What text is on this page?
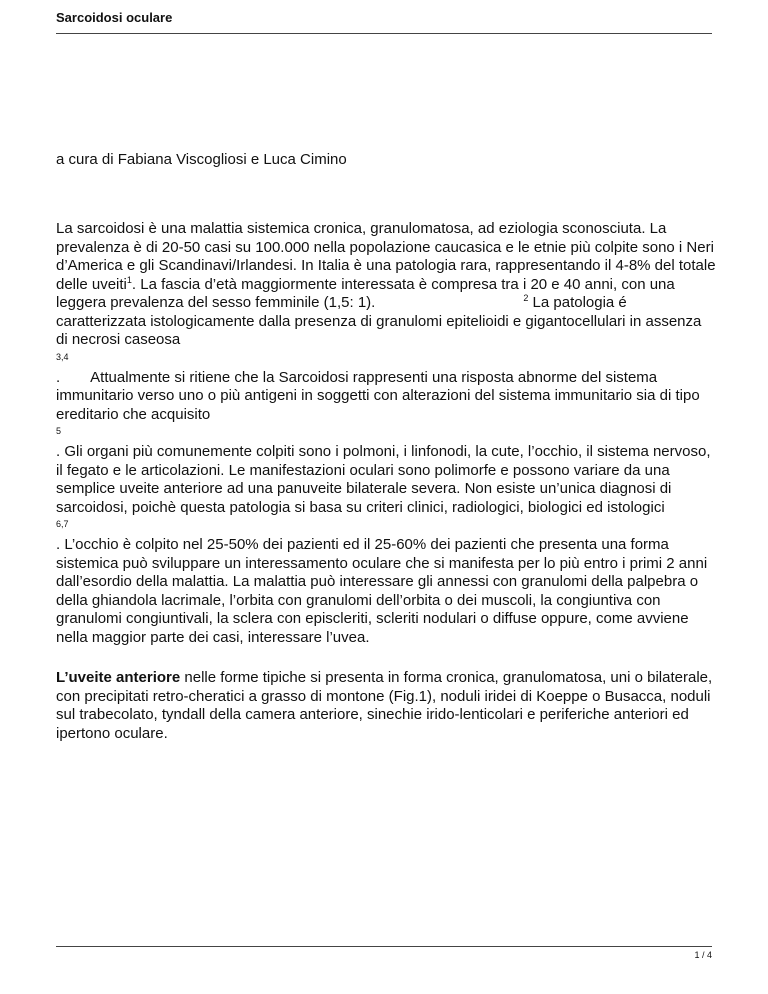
Sarcoidosi oculare
a cura di Fabiana Viscogliosi e Luca Cimino

La sarcoidosi è una malattia sistemica cronica, granulomatosa, ad eziologia sconosciuta. La prevalenza è di 20-50 casi su 100.000 nella popolazione caucasica e le etnie più colpite sono i Neri d’America e gli Scandinavi/Irlandesi. In Italia è una patologia rara, rappresentando il 4-8% del totale delle uveiti$^1$. La fascia d’età maggiormente interessata è compresa tra i 20 e 40 anni, con una leggera prevalenza del sesso femminile (1,5: 1).	$^2$ La patologia é caratterizzata istologicamente dalla presenza di granulomi epitelioidi e gigantocellulari in assenza di necrosi caseosa

3,4

. Attualmente si ritiene che la Sarcoidosi rappresenti una risposta abnorme del sistema immunitario verso uno o più antigeni in soggetti con alterazioni del sistema immunitario sia di tipo ereditario che acquisito

5

. Gli organi più comunemente colpiti sono i polmoni, i linfonodi, la cute, l’occhio, il sistema nervoso, il fegato e le articolazioni. Le manifestazioni oculari sono polimorfe e possono variare da una semplice uveite anteriore ad una panuveite bilaterale severa. Non esiste un’unica diagnosi di sarcoidosi, poichè questa patologia si basa su criteri clinici, radiologici, biologici ed istologici

6,7

. L’occhio è colpito nel 25-50% dei pazienti ed il 25-60% dei pazienti che presenta una forma sistemica può sviluppare un interessamento oculare che si manifesta per lo più entro i primi 2 anni dall’esordio della malattia. La malattia può interessare gli annessi con granulomi della palpebra o della ghiandola lacrimale, l’orbita con granulomi dell’orbita o dei muscoli, la congiuntiva con granulomi congiuntivali, la sclera con episcleriti, scleriti nodulari o diffuse oppure, come avviene nella maggior parte dei casi, interessare l’uvea.

L’uveite anteriore nelle forme tipiche si presenta in forma cronica, granulomatosa, uni o bilaterale, con precipitati retro-cheratici a grasso di montone (Fig.1), noduli iridei di Koeppe o Busacca, noduli sul trabecolato, tyndall della camera anteriore, sinechie irido-lenticolari e periferiche anteriori ed ipertono oculare.

1 / 4
